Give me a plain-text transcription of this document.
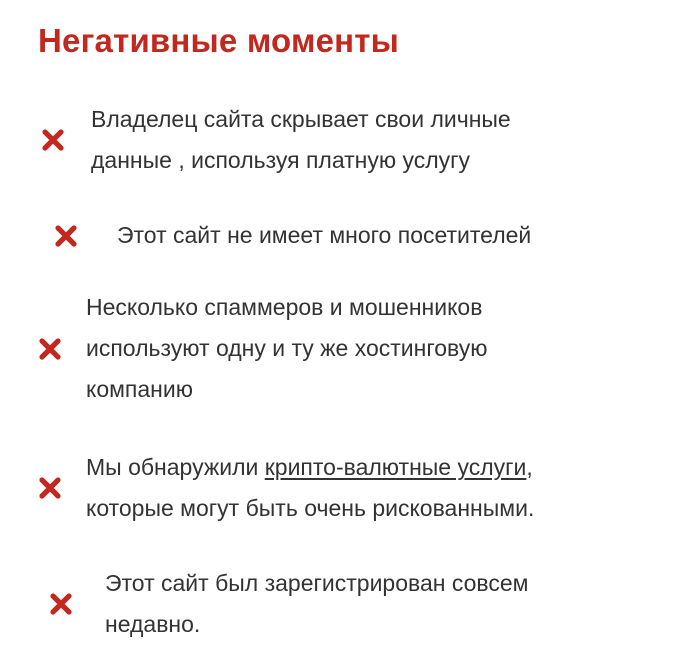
Негативные моменты
Владелец сайта скрывает свои личные
данные , используя платную услугу
Этот сайт не имеет много посетителей
Несколько спаммеров и мошенников
используют одну и ту же хостинговую
компанию
Мы обнаружили крипто-валютные услуги,
которые могут быть очень рискованными.
Этот сайт был зарегистрирован совсем
недавно.
